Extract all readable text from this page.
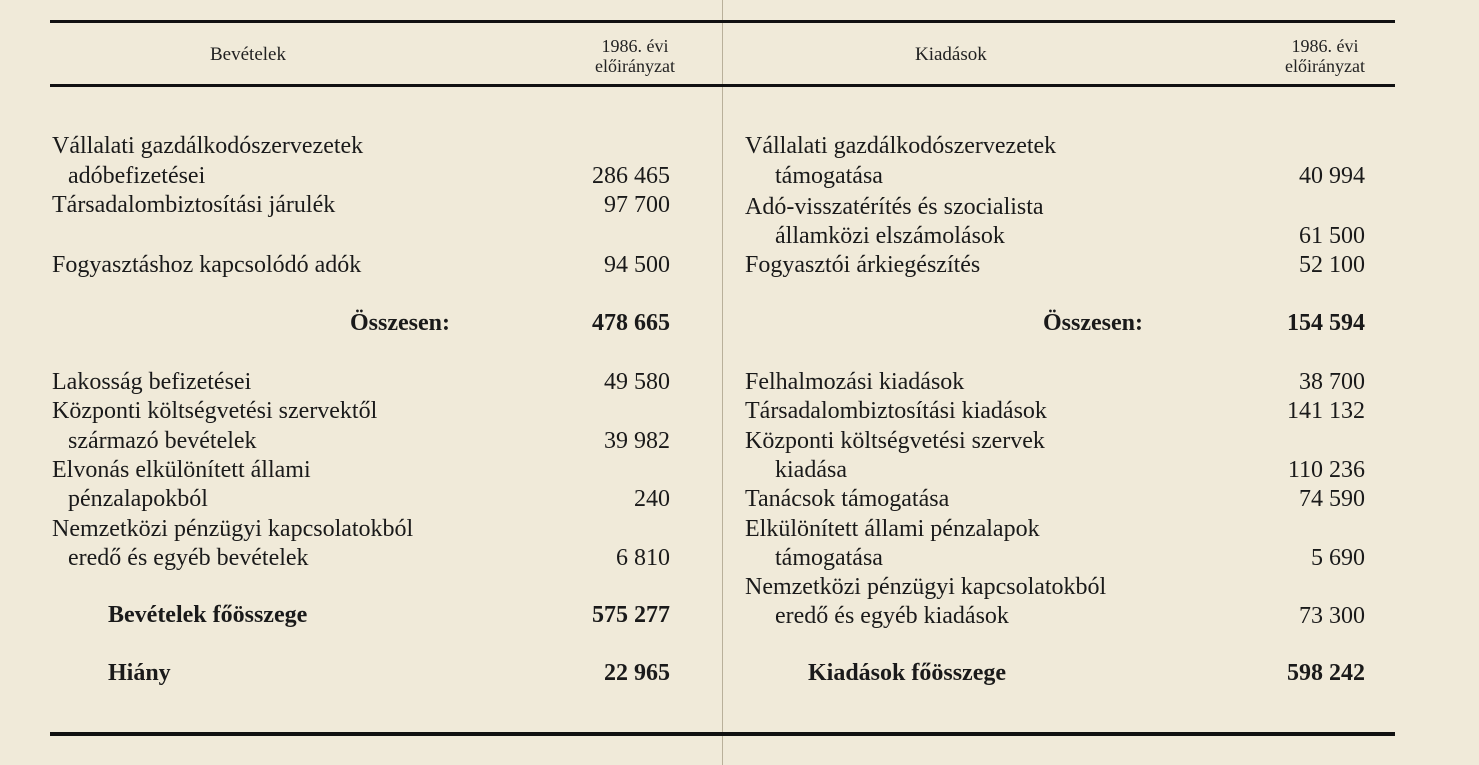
Bevételek	1986. évi
előirányzat
Kiadások	1986. évi
előirányzat
Vállalati gazdálkodószervezetek
adóbefizetései	286 465
Társadalombiztosítási járulék	97 700
Fogyasztáshoz kapcsolódó adók	94 500
Összesen:	478 665
Lakosság befizetései	49 580
Központi költségvetési szervektől
származó bevételek	39 982
Elvonás elkülönített állami
pénzalapokból	240
Nemzetközi pénzügyi kapcsolatokból
eredő és egyéb bevételek	6 810
Bevételek főösszege	575 277
Hiány	22 965
Vállalati gazdálkodószervezetek
támogatása	40 994
Adó-visszatérítés és szocialista
államközi elszámolások	61 500
Fogyasztói árkiegészítés	52 100
Összesen:	154 594
Felhalmozási kiadások	38 700
Társadalombiztosítási kiadások	141 132
Központi költségvetési szervek
kiadása	110 236
Tanácsok támogatása	74 590
Elkülönített állami pénzalapok
támogatása	5 690
Nemzetközi pénzügyi kapcsolatokból
eredő és egyéb kiadások	73 300
Kiadások főösszege	598 242
